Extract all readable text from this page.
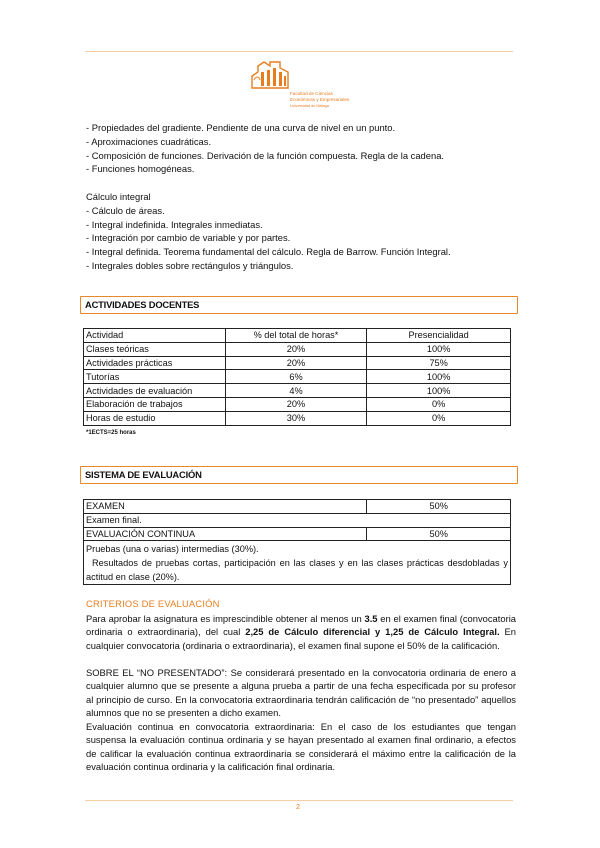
Facultad de Ciencias
Económicas y Empresariales
Universidad de Málaga
- Propiedades del gradiente. Pendiente de una curva de nivel en un punto.
- Aproximaciones cuadráticas.
- Composición de funciones. Derivación de la función compuesta. Regla de la cadena.
- Funciones homogéneas.
Cálculo integral
- Cálculo de áreas.
- Integral indefinida. Integrales inmediatas.
- Integración por cambio de variable y por partes.
- Integral definida. Teorema fundamental del cálculo. Regla de Barrow. Función Integral.
- Integrales dobles sobre rectángulos y triángulos.
ACTIVIDADES DOCENTES
Actividad	% del total de horas*	Presencialidad
Clases teóricas	20%	100%
Actividades prácticas	20%	75%
Tutorías	6%	100%
Actividades de evaluación	4%	100%
Elaboración de trabajos	20%	0%
Horas de estudio	30%	0%
*1ECTS=25 horas
SISTEMA DE EVALUACIÓN
EXAMEN	50%
Examen final.	
EVALUACIÓN CONTINUA	50%

Pruebas (una o varias) intermedias (30%).
Resultados de pruebas cortas, participación en las clases y en las clases prácticas desdobladas y actitud en clase (20%).	
CRITERIOS DE EVALUACIÓN
Para aprobar la asignatura es imprescindible obtener al menos un 3.5 en el examen final (convocatoria ordinaria o extraordinaria), del cual 2,25 de Cálculo diferencial y 1,25 de Cálculo Integral. En cualquier convocatoria (ordinaria o extraordinaria), el examen final supone el 50% de la calificación.
SOBRE EL “NO PRESENTADO”: Se considerará presentado en la convocatoria ordinaria de enero a cualquier alumno que se presente a alguna prueba a partir de una fecha especificada por su profesor al principio de curso. En la convocatoria extraordinaria tendrán calificación de “no presentado” aquellos alumnos que no se presenten a dicho examen.
Evaluación continua en convocatoria extraordinaria: En el caso de los estudiantes que tengan suspensa la evaluación continua ordinaria y se hayan presentado al examen final ordinario, a efectos de calificar la evaluación continua extraordinaria se considerará el máximo entre la calificación de la evaluación continua ordinaria y la calificación final ordinaria.
2
